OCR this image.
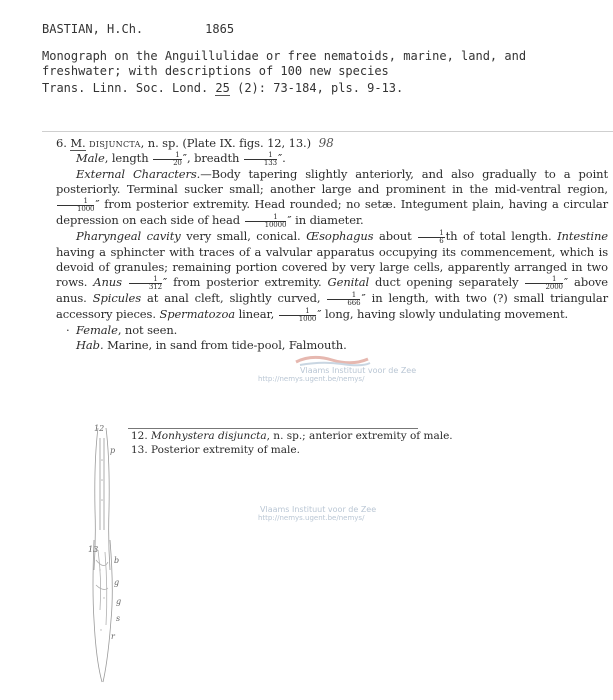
BASTIAN, H.Ch.	1865
Monograph on the Anguillulidae or free nematoids, marine, land, and freshwater; with descriptions of 100 new species
Trans. Linn. Soc. Lond. 25 (2): 73-184, pls. 9-13.

6. M. disjuncta, n. sp. (Plate IX. figs. 12, 13.) 98

Male, length $\frac{1}{20}$ ″, breadth $\frac{1}{133}$ ″.

External Characters.—Body tapering slightly anteriorly, and also gradually to a point posteriorly. Terminal sucker small; another large and prominent in the mid-ventral region,
$\frac{1}{1000}$ ″ from posterior extremity. Head rounded; no setæ. Integument plain, having a circular depression on each side of head $\frac{1}{10000}$ ″ in diameter.

Pharyngeal cavity very small, conical. Œsophagus about $\frac{1}{6}$ th of total length. Intestine having a sphincter with traces of a valvular apparatus occupying its commencement, which is devoid of granules; remaining portion covered by very large cells, apparently arranged in two rows. Anus $\frac{1}{312}$ ″ from posterior extremity. Genital duct opening separately $\frac{1}{2000}$ ″ above anus. Spicules at anal cleft, slightly curved, $\frac{1}{666}$ ″ in length, with two (?) small triangular accessory pieces. Spermatozoa linear, $\frac{1}{1000}$ ″ long, having slowly undulating movement.

· Female, not seen.

Hab. Marine, in sand from tide-pool, Falmouth.

Vlaams Instituut voor de Zee
http://nemys.ugent.be/nemys/
Vlaams Instituut voor de Zee
http://nemys.ugent.be/nemys/
12
p
13
b
g
g
s
r
12. Monhystera disjuncta, n. sp.; anterior extremity of male.
13. Posterior extremity of male.
